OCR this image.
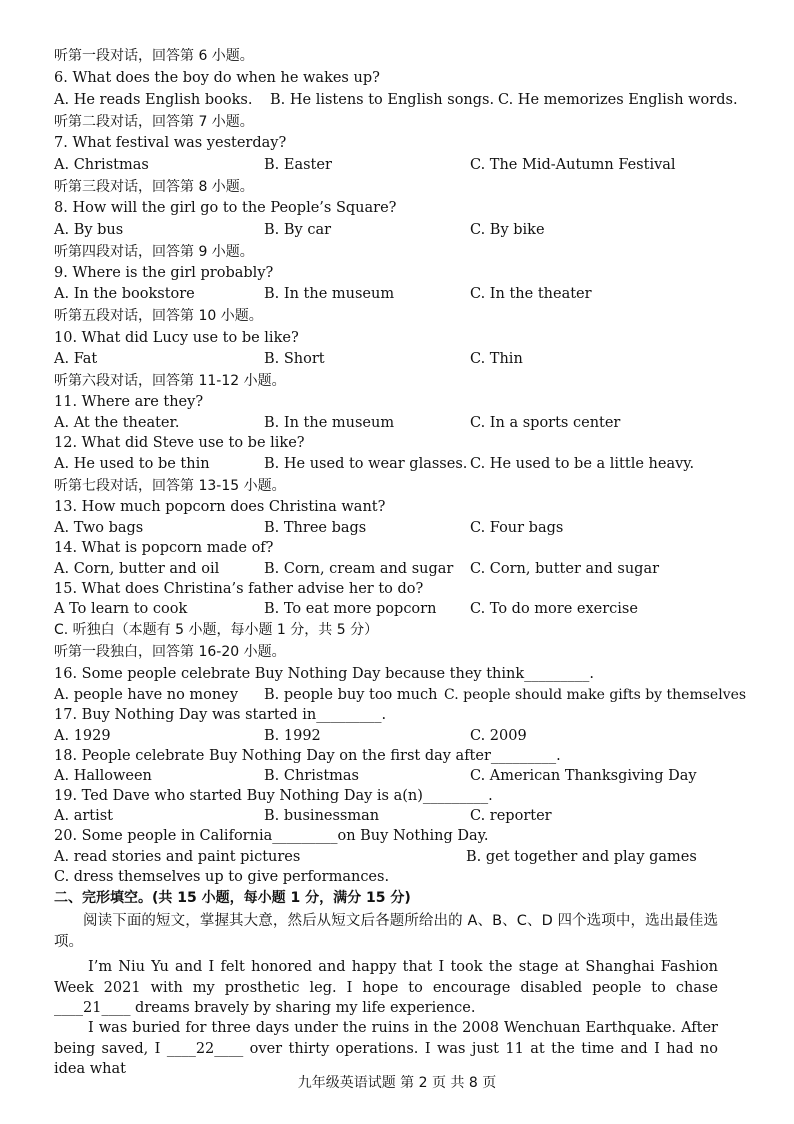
听第一段对话，回答第 6 小题。
6. What does the boy do when he wakes up?
A. He reads English books. B. He listens to English songs. C. He memorizes English words.
听第二段对话，回答第 7 小题。
7. What festival was yesterday?
A. Christmas	B. Easter	C. The Mid-Autumn Festival
听第三段对话，回答第 8 小题。
8. How will the girl go to the People’s Square?
A. By bus	B. By car	C. By bike
听第四段对话，回答第 9 小题。
9. Where is the girl probably?
A. In the bookstore	B. In the museum	C. In the theater
听第五段对话，回答第 10 小题。
10. What did Lucy use to be like?
A. Fat	B. Short	C. Thin
听第六段对话，回答第 11-12 小题。
11. Where are they?
A. At the theater.	B. In the museum	C. In a sports center
12. What did Steve use to be like?
A. He used to be thin	B. He used to wear glasses. C. He used to be a little heavy.
听第七段对话，回答第 13-15 小题。
13. How much popcorn does Christina want?
A. Two bags	B. Three bags	C. Four bags
14. What is popcorn made of?
A. Corn, butter and oil	B. Corn, cream and sugar C. Corn, butter and sugar
15. What does Christina’s father advise her to do?
A To learn to cook	B. To eat more popcorn C. To do more exercise
C. 听独白（本题有 5 小题，每小题 1 分，共 5 分）
听第一段独白，回答第 16-20 小题。
16. Some people celebrate Buy Nothing Day because they think_________.
A. people have no money B. people buy too much C. people should make gifts by themselves
17. Buy Nothing Day was started in_________.
A. 1929	B. 1992	C. 2009
18. People celebrate Buy Nothing Day on the first day after_________.
A. Halloween	B. Christmas	C. American Thanksgiving Day
19. Ted Dave who started Buy Nothing Day is a(n)_________.
A. artist	B. businessman	C. reporter
20. Some people in California_________on Buy Nothing Day.
A. read stories and paint pictures	B. get together and play games
C. dress themselves up to give performances.
二、完形填空。(共 15 小题，每小题 1 分，满分 15 分)
阅读下面的短文，掌握其大意，然后从短文后各题所给出的 A、B、C、D 四个选项中，选出最佳选项。
I’m Niu Yu and I felt honored and happy that I took the stage at Shanghai Fashion Week 2021 with my prosthetic leg. I hope to encourage disabled people to chase ____21____ dreams bravely by sharing my life experience.
I was buried for three days under the ruins in the 2008 Wenchuan Earthquake. After being saved, I ____22____ over thirty operations. I was just 11 at the time and I had no idea what
九年级英语试题 第 2 页 共 8 页
